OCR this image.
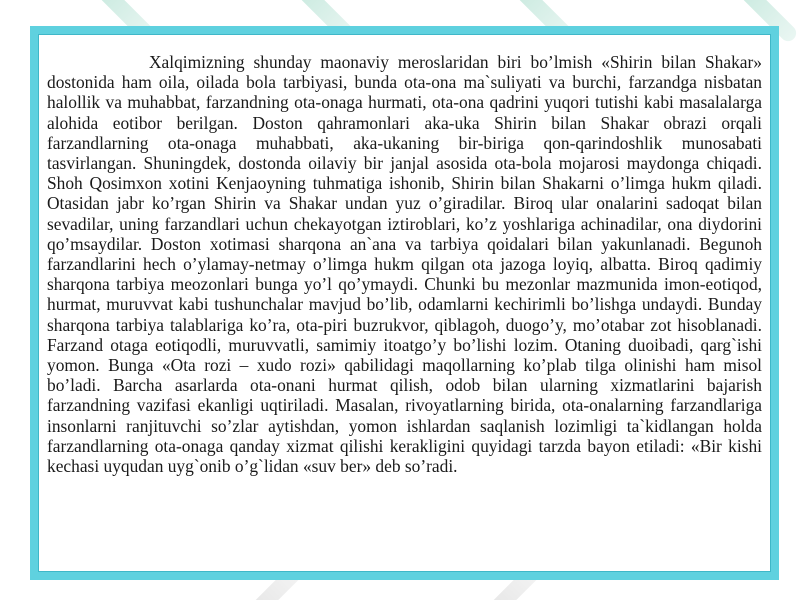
Xalqimizning shunday maonaviy meroslaridan biri bo’lmish «Shirin bilan Shakar» dostonida ham oila, oilada bola tarbiyasi, bunda ota-ona ma`suliyati va burchi, farzandga nisbatan halollik va muhabbat, farzandning ota-onaga hurmati, ota-ona qadrini yuqori tutishi kabi masalalarga alohida eotibor berilgan. Doston qahramonlari aka-uka Shirin bilan Shakar obrazi orqali farzandlarning ota-onaga muhabbati, aka-ukaning bir-biriga qon-qarindoshlik munosabati tasvirlangan. Shuningdek, dostonda oilaviy bir janjal asosida ota-bola mojarosi maydonga chiqadi. Shoh Qosimxon xotini Kenjaoyning tuhmatiga ishonib, Shirin bilan Shakarni o’limga hukm qiladi. Otasidan jabr ko’rgan Shirin va Shakar undan yuz o’giradilar. Biroq ular onalarini sadoqat bilan sevadilar, uning farzandlari uchun chekayotgan iztiroblari, ko’z yoshlariga achinadilar, ona diydorini qo’msaydilar. Doston xotimasi sharqona an`ana va tarbiya qoidalari bilan yakunlanadi. Begunoh farzandlarini hech o’ylamay-netmay o’limga hukm qilgan ota jazoga loyiq, albatta. Biroq qadimiy sharqona tarbiya meozonlari bunga yo’l qo’ymaydi. Chunki bu mezonlar mazmunida imon-eotiqod, hurmat, muruvvat kabi tushunchalar mavjud bo’lib, odamlarni kechirimli bo’lishga undaydi. Bunday sharqona tarbiya talablariga ko’ra, ota-piri buzrukvor, qiblagoh, duogo’y, mo’otabar zot hisoblanadi. Farzand otaga eotiqodli, muruvvatli, samimiy itoatgo’y bo’lishi lozim. Otaning duoibadi, qarg`ishi yomon. Bunga «Ota rozi – xudo rozi» qabilidagi maqollarning ko’plab tilga olinishi ham misol bo’ladi. Barcha asarlarda ota-onani hurmat qilish, odob bilan ularning xizmatlarini bajarish farzandning vazifasi ekanligi uqtiriladi. Masalan, rivoyatlarning birida, ota-onalarning farzandlariga insonlarni ranjituvchi so’zlar aytishdan, yomon ishlardan saqlanish lozimligi ta`kidlangan holda farzandlarning ota-onaga qanday xizmat qilishi kerakligini quyidagi tarzda bayon etiladi: «Bir kishi kechasi uyqudan uyg`onib o’g`lidan «suv ber» deb so’radi.
